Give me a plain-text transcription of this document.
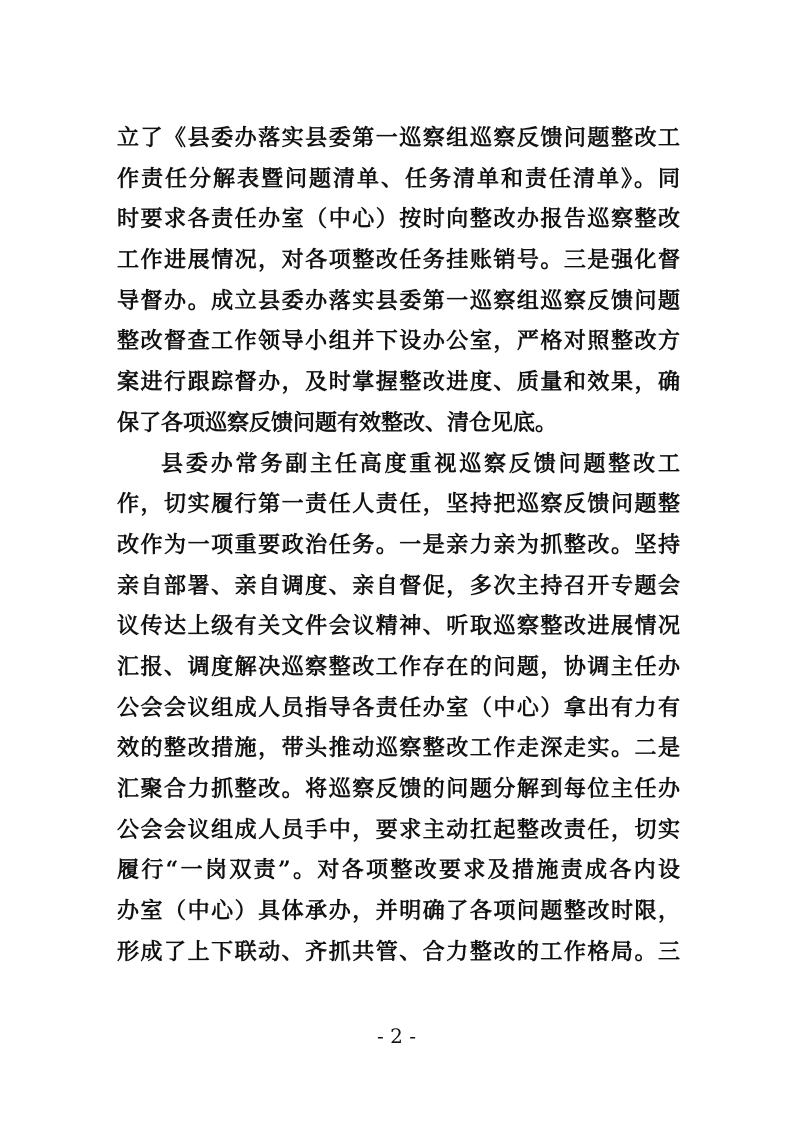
立了《县委办落实县委第一巡察组巡察反馈问题整改工
作责任分解表暨问题清单、任务清单和责任清单》。同
时要求各责任办室（中心）按时向整改办报告巡察整改
工作进展情况，对各项整改任务挂账销号。三是强化督
导督办。成立县委办落实县委第一巡察组巡察反馈问题
整改督查工作领导小组并下设办公室，严格对照整改方
案进行跟踪督办，及时掌握整改进度、质量和效果，确
保了各项巡察反馈问题有效整改、清仓见底。
县委办常务副主任高度重视巡察反馈问题整改工
作，切实履行第一责任人责任，坚持把巡察反馈问题整
改作为一项重要政治任务。一是亲力亲为抓整改。坚持
亲自部署、亲自调度、亲自督促，多次主持召开专题会
议传达上级有关文件会议精神、听取巡察整改进展情况
汇报、调度解决巡察整改工作存在的问题，协调主任办
公会会议组成人员指导各责任办室（中心）拿出有力有
效的整改措施，带头推动巡察整改工作走深走实。二是
汇聚合力抓整改。将巡察反馈的问题分解到每位主任办
公会会议组成人员手中，要求主动扛起整改责任，切实
履行“一岗双责”。对各项整改要求及措施责成各内设
办室（中心）具体承办，并明确了各项问题整改时限，
形成了上下联动、齐抓共管、合力整改的工作格局。三
- 2 -
